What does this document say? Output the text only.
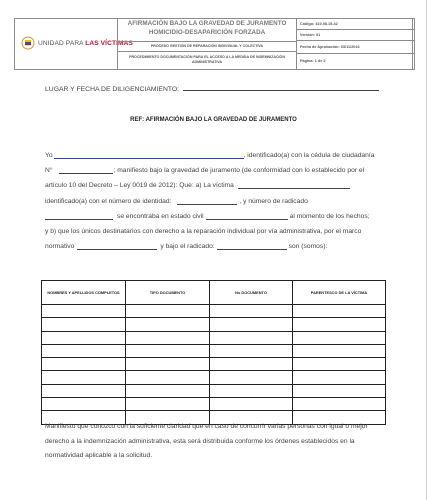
UNIDAD PARA LAS VÍCTIMAS
AFIRMACIÓN BAJO LA GRAVEDAD DE JURAMENTO
HOMICIDIO-DESAPARICIÓN FORZADA
PROCESO GESTIÓN DE REPARACIÓN INDIVIDUAL Y COLECTIVA
PROCEDIMIENTO DOCUMENTACIÓN PARA EL ACCESO A LA MEDIDA DE INDEMNIZACIÓN ADMINISTRATIVA
Código: 410.08.15-42
Versión: 01
Fecha de Aprobación: 03/11/2016
Página: 1 de 2
LUGAR Y FECHA DE DILIGENCIAMIENTO:
REF: AFIRMACIÓN BAJO LA GRAVEDAD DE JURAMENTO
Yo	, identificado(a) con la cédula de ciudadanía
N°	; manifiesto bajo la gravedad de juramento (de conformidad con lo establecido por el
artículo 10 del Decreto – Ley 0019 de 2012): Que: a) La víctima
identificado(a) con el número de identidad:	, y número de radicado
se encontraba en estado civil	al momento de los hechos;
y b) que los únicos destinatarios con derecho a la reparación individual por vía administrativa, por el marco
normativo	y bajo el radicado:	son (somos):
NOMBRES Y APELLIDOS COMPLETOS	TIPO DOCUMENTO	No DOCUMENTO	PARENTESCO DE LA VÍCTIMA

Manifiesto que conozco con la suficiente claridad que en caso de concurrir varias personas con igual o mejor
derecho a la indemnización administrativa, esta será distribuida conforme los órdenes establecidos en la
normatividad aplicable a la solicitud.
